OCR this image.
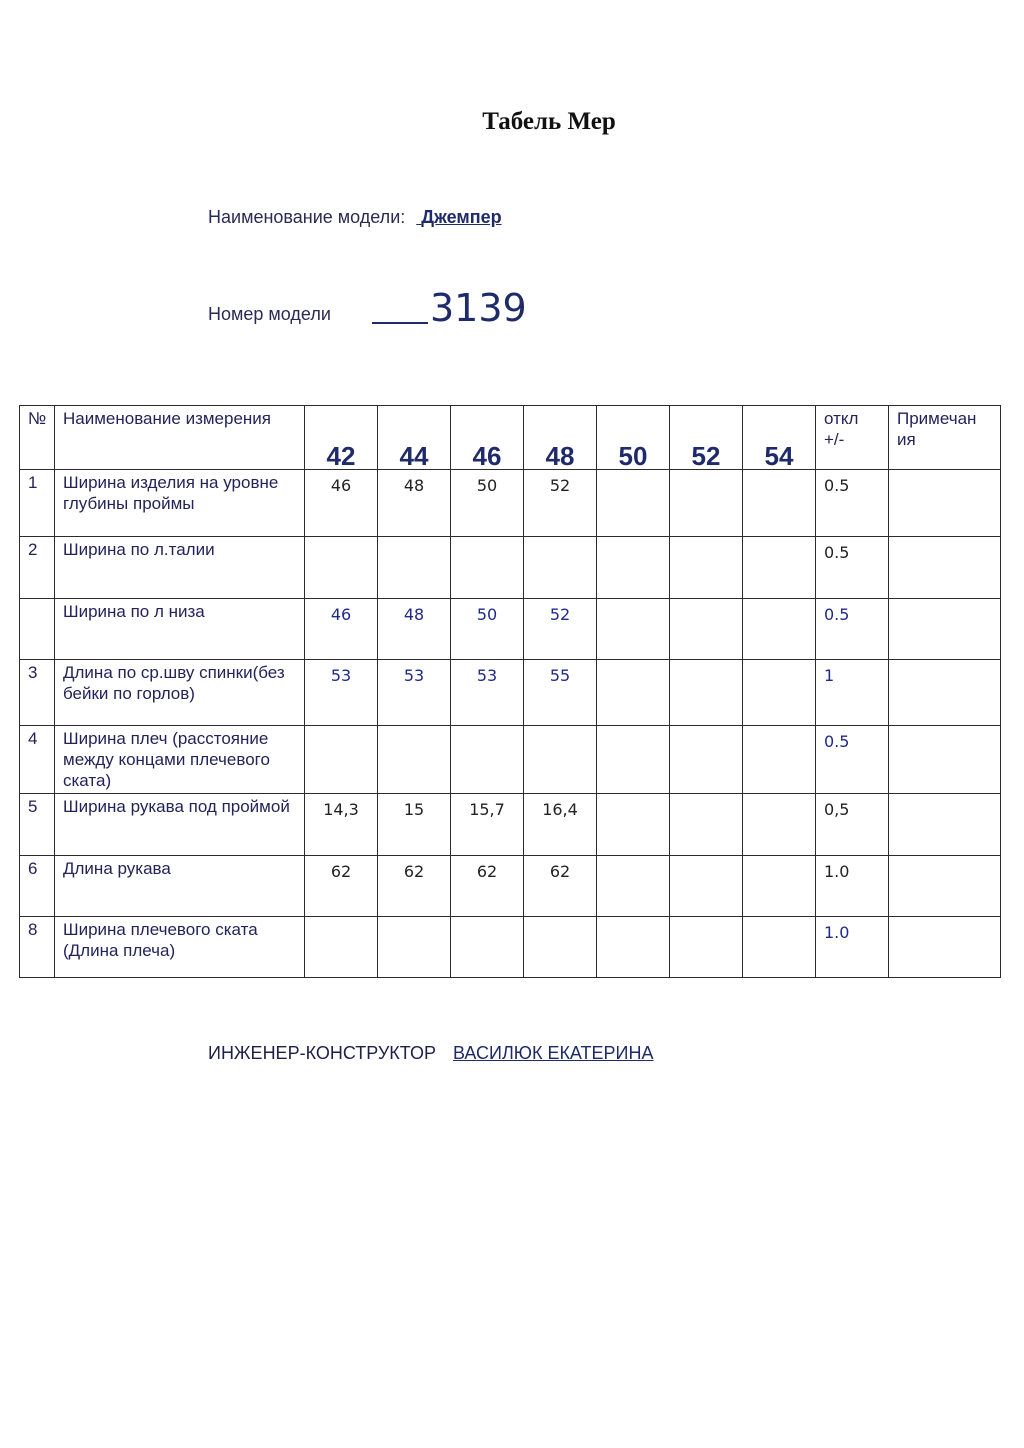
Табель Мер
Наименование модели: Джемпер
Номер модели	3139
№	Наименование измерения	42	44	46	48	50	52	54	откл +/-	Примечан ия
1	Ширина изделия на уровне глубины проймы	46	48	50	52				0.5	
2	Ширина по л.талии								0.5	
	Ширина по л низа	46	48	50	52				0.5	
3	Длина по ср.шву спинки(без бейки по горлов)	53	53	53	55				1	
4	Ширина плеч (расстояние между концами плечевого ската)								0.5	
5	Ширина рукава под проймой	14,3	15	15,7	16,4				0,5	
6	Длина рукава	62	62	62	62				1.0	
8	Ширина плечевого ската (Длина плеча)								1.0	
ИНЖЕНЕР-КОНСТРУКТОР ВАСИЛЮК ЕКАТЕРИНА
